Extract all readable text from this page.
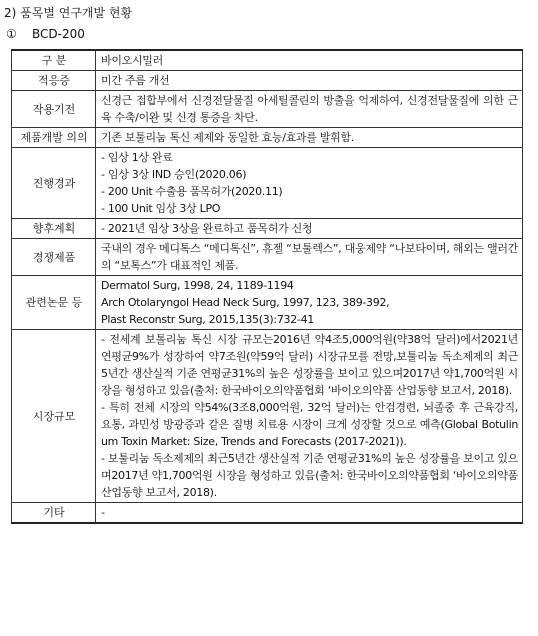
2) 품목별 연구개발 현황
① BCD-200
구 분	바이오시밀러

적응증	미간 주름 개선

작용기전	신경근 접합부에서 신경전달물질 아세틸콜린의 방출을 억제하여, 신경전달물질에 의한 근육 수축/이완 및 신경 통증을 차단.

제품개발 의의	기존 보툴리눔 톡신 제제와 동일한 효능/효과를 발휘함.

진행경과	- 임상 1상 완료
- 임상 3상 IND 승인(2020.06)
- 200 Unit 수출용 품목허가(2020.11)
- 100 Unit 임상 3상 LPO

향후계획	- 2021년 임상 3상을 완료하고 품목허가 신청

경쟁제품	국내의 경우 메디톡스 “메디톡신”, 휴젤 “보툴렉스”, 대웅제약 “나보타이며, 해외는 앨러간의 “보톡스”가 대표적인 제품.

관련논문 등	Dermatol Surg, 1998, 24, 1189-1194
Arch Otolaryngol Head Neck Surg, 1997, 123, 389-392,
Plast Reconstr Surg, 2015,135(3):732-41

시장규모	- 전세계 보톨리눔 톡신 시장 규모는2016년 약4조5,000억원(약38억 달러)에서2021년 연평균9%가 성장하여 약7조원(약59억 달러) 시장규모를 전망,보툴리눔 독소제제의 최근5년간 생산실적 기준 연평균31%의 높은 성장률을 보이고 있으며2017년 약1,700억원 시장을 형성하고 있음(출처: 한국바이오의약품협회 ‘바이오의약품 산업동향 보고서, 2018).
- 특히 전체 시장의 약54%(3조8,000억원, 32억 달러)는 안검경련, 뇌졸중 후 근육강직, 요통, 과민성 방광증과 같은 질병 치료용 시장이 크게 성장할 것으로 예측(Global Botulinum Toxin Market: Size, Trends and Forecasts (2017-2021)).
- 보툴리눔 독소제제의 최근5년간 생산실적 기준 연평균31%의 높은 성장률을 보이고 있으며2017년 약1,700억원 시장을 형성하고 있음(출처: 한국바이오의약품협회 ‘바이오의약품 산업동향 보고서, 2018).

기타	-
